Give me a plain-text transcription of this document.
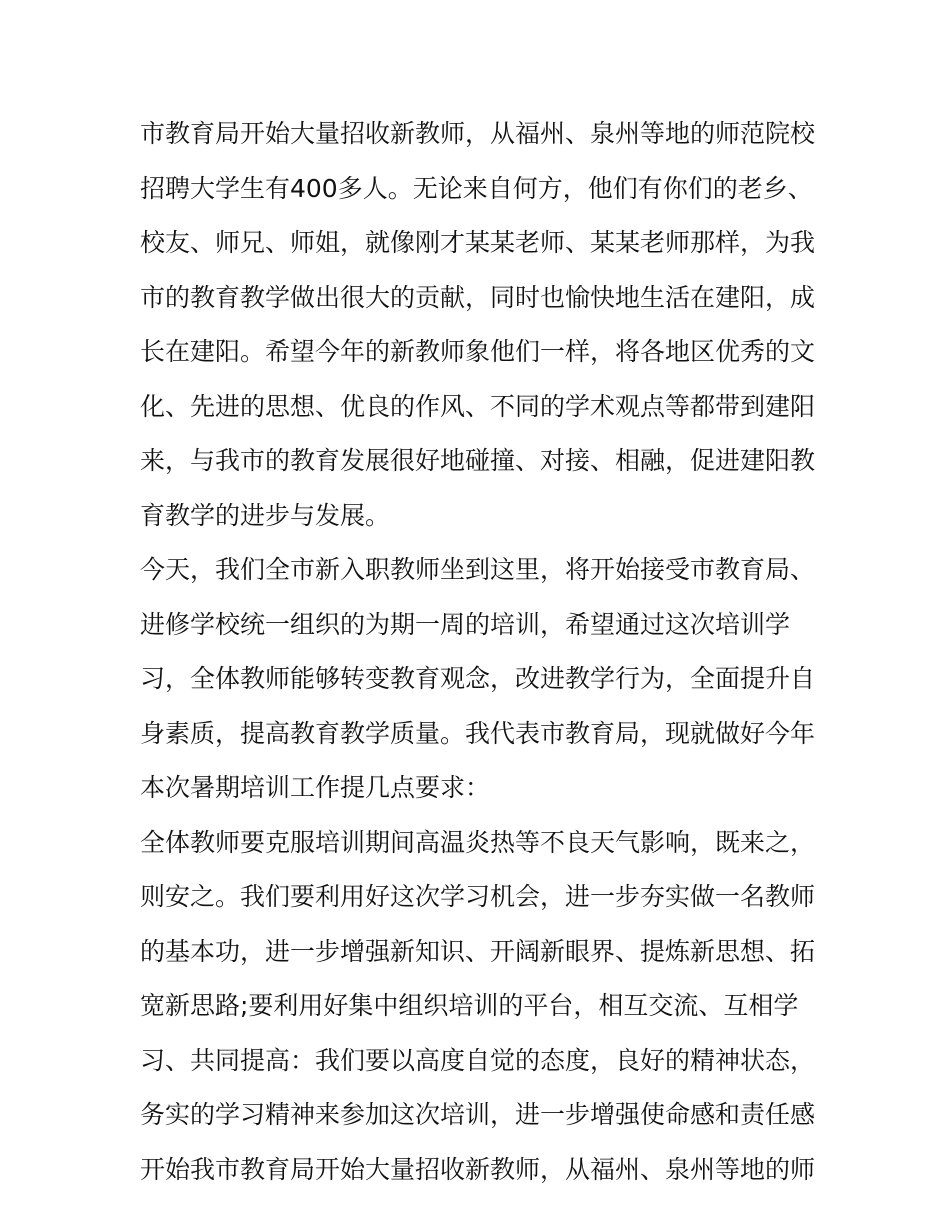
市教育局开始大量招收新教师，从福州、泉州等地的师范院校
招聘大学生有400多人。无论来自何方，他们有你们的老乡、
校友、师兄、师姐，就像刚才某某老师、某某老师那样，为我
市的教育教学做出很大的贡献，同时也愉快地生活在建阳，成
长在建阳。希望今年的新教师象他们一样，将各地区优秀的文
化、先进的思想、优良的作风、不同的学术观点等都带到建阳
来，与我市的教育发展很好地碰撞、对接、相融，促进建阳教
育教学的进步与发展。
今天，我们全市新入职教师坐到这里，将开始接受市教育局、
进修学校统一组织的为期一周的培训，希望通过这次培训学
习，全体教师能够转变教育观念，改进教学行为，全面提升自
身素质，提高教育教学质量。我代表市教育局，现就做好今年
本次暑期培训工作提几点要求：
全体教师要克服培训期间高温炎热等不良天气影响，既来之，
则安之。我们要利用好这次学习机会，进一步夯实做一名教师
的基本功，进一步增强新知识、开阔新眼界、提炼新思想、拓
宽新思路;要利用好集中组织培训的平台，相互交流、互相学
习、共同提高：我们要以高度自觉的态度，良好的精神状态，
务实的学习精神来参加这次培训，进一步增强使命感和责任感
开始我市教育局开始大量招收新教师，从福州、泉州等地的师
